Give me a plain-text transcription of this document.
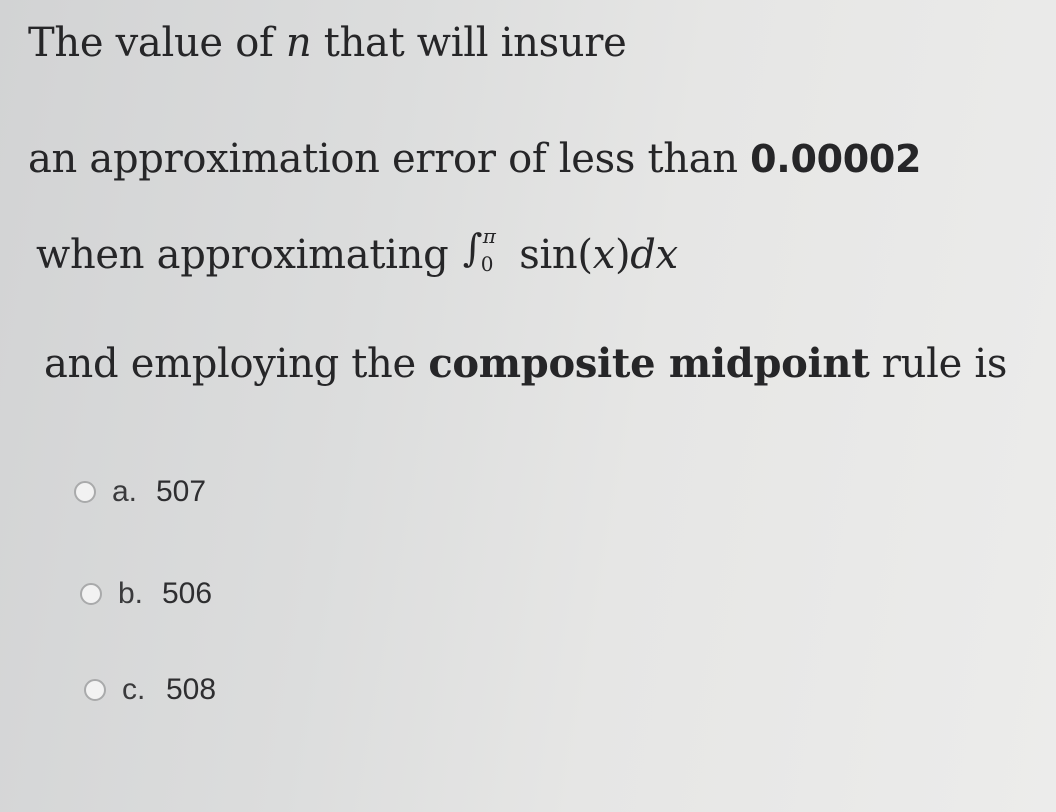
The value of n that will insure
an approximation error of less than 0.00002
when approximating ∫ π
0 sin(x)dx
and employing the composite midpoint rule is
a. 507
b. 506
c. 508
